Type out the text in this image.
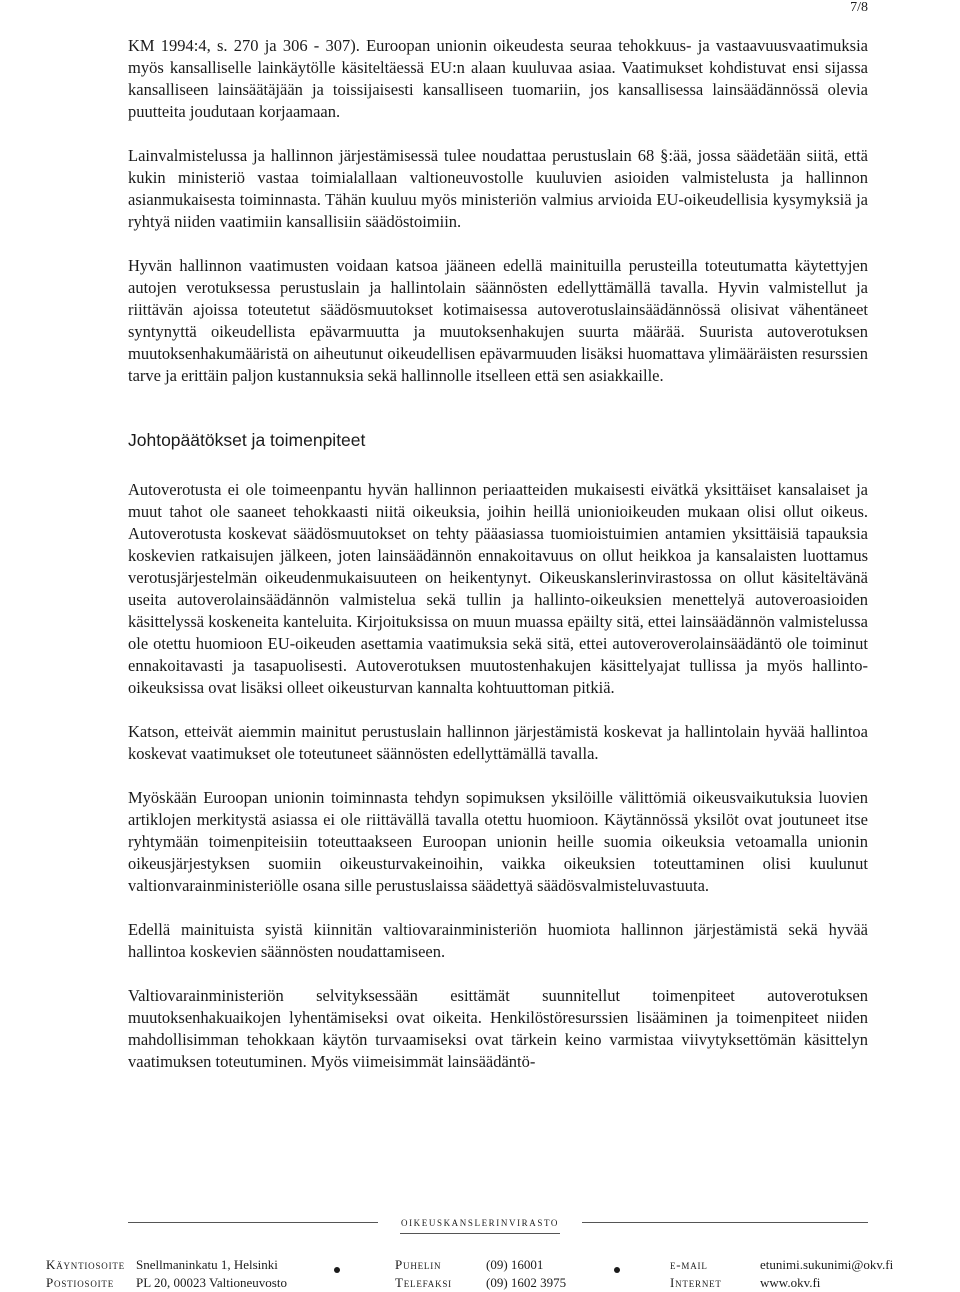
7/8

KM 1994:4, s. 270 ja 306 - 307). Euroopan unionin oikeudesta seuraa tehokkuus- ja vastaavuusvaatimuksia myös kansalliselle lainkäytölle käsiteltäessä EU:n alaan kuuluvaa asiaa. Vaatimukset kohdistuvat ensi sijassa kansalliseen lainsäätäjään ja toissijaisesti kansalliseen tuomariin, jos kansallisessa lainsäädännössä olevia puutteita joudutaan korjaamaan.

Lainvalmistelussa ja hallinnon järjestämisessä tulee noudattaa perustuslain 68 §:ää, jossa säädetään siitä, että kukin ministeriö vastaa toimialallaan valtioneuvostolle kuuluvien asioiden valmistelusta ja hallinnon asianmukaisesta toiminnasta. Tähän kuuluu myös ministeriön valmius arvioida EU-oikeudellisia kysymyksiä ja ryhtyä niiden vaatimiin kansallisiin säädöstoimiin.

Hyvän hallinnon vaatimusten voidaan katsoa jääneen edellä mainituilla perusteilla toteutumatta käytettyjen autojen verotuksessa perustuslain ja hallintolain säännösten edellyttämällä tavalla. Hyvin valmistellut ja riittävän ajoissa toteutetut säädösmuutokset kotimaisessa autoverotuslainsäädännössä olisivat vähentäneet syntynyttä oikeudellista epävarmuutta ja muutoksenhakujen suurta määrää. Suurista autoverotuksen muutoksenhakumääristä on aiheutunut oikeudellisen epävarmuuden lisäksi huomattava ylimääräisten resurssien tarve ja erittäin paljon kustannuksia sekä hallinnolle itselleen että sen asiakkaille.

Johtopäätökset ja toimenpiteet

Autoverotusta ei ole toimeenpantu hyvän hallinnon periaatteiden mukaisesti eivätkä yksittäiset kansalaiset ja muut tahot ole saaneet tehokkaasti niitä oikeuksia, joihin heillä unionioikeuden mukaan olisi ollut oikeus. Autoverotusta koskevat säädösmuutokset on tehty pääasiassa tuomioistuimien antamien yksittäisiä tapauksia koskevien ratkaisujen jälkeen, joten lainsäädännön ennakoitavuus on ollut heikkoa ja kansalaisten luottamus verotusjärjestelmän oikeudenmukaisuuteen on heikentynyt. Oikeuskanslerinvirastossa on ollut käsiteltävänä useita autoverolainsäädännön valmistelua sekä tullin ja hallinto-oikeuksien menettelyä autoveroasioiden käsittelyssä koskeneita kanteluita. Kirjoituksissa on muun muassa epäilty sitä, ettei lainsäädännön valmistelussa ole otettu huomioon EU-oikeuden asettamia vaatimuksia sekä sitä, ettei autoveroverolainsäädäntö ole toiminut ennakoitavasti ja tasapuolisesti. Autoverotuksen muutostenhakujen käsittelyajat tullissa ja myös hallinto-oikeuksissa ovat lisäksi olleet oikeusturvan kannalta kohtuuttoman pitkiä.

Katson, etteivät aiemmin mainitut perustuslain hallinnon järjestämistä koskevat ja hallintolain hyvää hallintoa koskevat vaatimukset ole toteutuneet säännösten edellyttämällä tavalla.

Myöskään Euroopan unionin toiminnasta tehdyn sopimuksen yksilöille välittömiä oikeusvaikutuksia luovien artiklojen merkitystä asiassa ei ole riittävällä tavalla otettu huomioon. Käytännössä yksilöt ovat joutuneet itse ryhtymään toimenpiteisiin toteuttaakseen Euroopan unionin heille suomia oikeuksia vetoamalla unionin oikeusjärjestyksen suomiin oikeusturvakeinoihin, vaikka oikeuksien toteuttaminen olisi kuulunut valtionvarainministeriölle osana sille perustuslaissa säädettyä säädösvalmisteluvastuuta.

Edellä mainituista syistä kiinnitän valtiovarainministeriön huomiota hallinnon järjestämistä sekä hyvää hallintoa koskevien säännösten noudattamiseen.

Valtiovarainministeriön selvityksessään esittämät suunnitellut toimenpiteet autoverotuksen muutoksenhakuaikojen lyhentämiseksi ovat oikeita. Henkilöstöresurssien lisääminen ja toimenpiteet niiden mahdollisimman tehokkaan käytön turvaamiseksi ovat tärkein keino varmistaa viivytyksettömän käsittelyn vaatimuksen toteutuminen. Myös viimeisimmät lainsäädäntö-

oikeuskanslerinvirasto
Käyntiosoite Snellmaninkatu 1, Helsinki	Puhelin	(09) 16001	e-mail	etunimi.sukunimi@okv.fi
Postiosoite PL 20, 00023 Valtioneuvosto	Telefaksi	(09) 1602 3975	Internet	www.okv.fi
